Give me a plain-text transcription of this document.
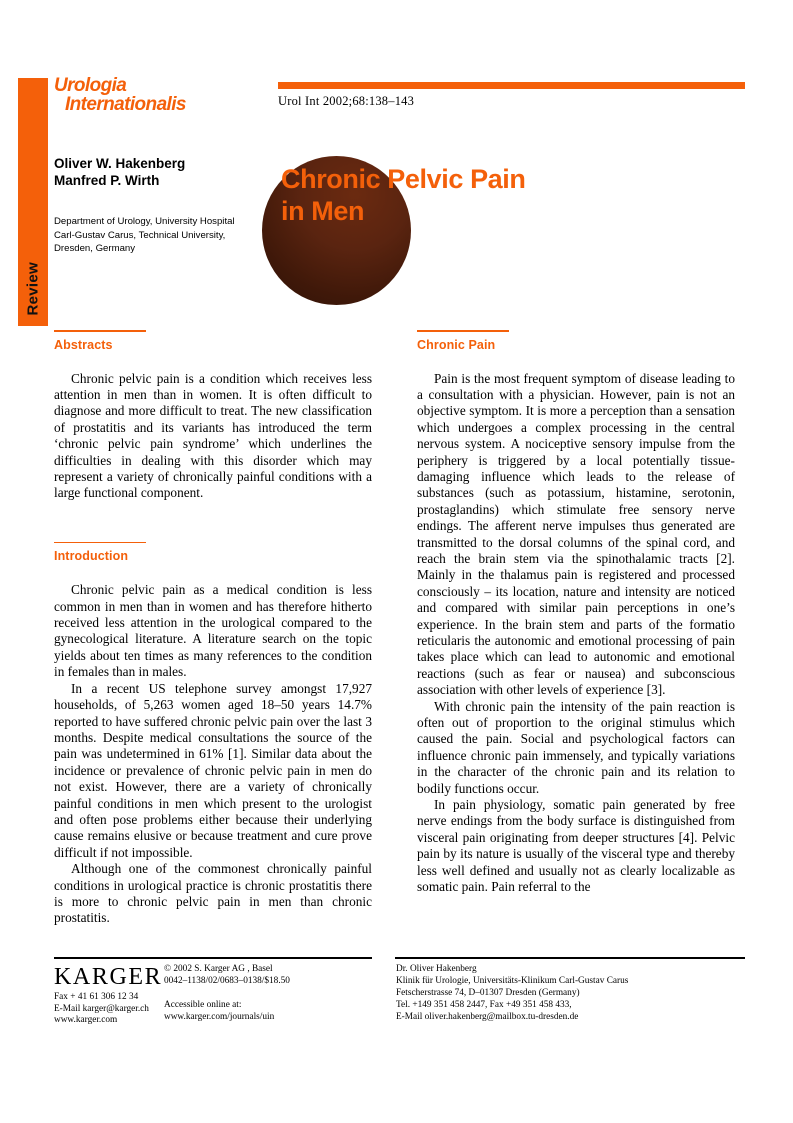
Review
Urologia
Internationalis	Urol Int 2002;68:138–143
Oliver W. Hakenberg
Manfred P. Wirth
Department of Urology, University Hospital
Carl-Gustav Carus, Technical University,
Dresden, Germany
Chronic Pelvic Pain
in Men
Abstracts

Chronic pelvic pain is a condition which receives less attention in men than in women. It is often difficult to diagnose and more difficult to treat. The new classification of prostatitis and its variants has introduced the term ‘chronic pelvic pain syndrome’ which underlines the difficulties in dealing with this disorder which may represent a variety of chronically painful conditions with a large functional component.

Introduction

Chronic pelvic pain as a medical condition is less common in men than in women and has therefore hitherto received less attention in the urological compared to the gynecological literature. A literature search on the topic yields about ten times as many references to the condition in females than in males.

In a recent US telephone survey amongst 17,927 households, of 5,263 women aged 18–50 years 14.7% reported to have suffered chronic pelvic pain over the last 3 months. Despite medical consultations the source of the pain was undetermined in 61% [1]. Similar data about the incidence or prevalence of chronic pelvic pain in men do not exist. However, there are a variety of chronically painful conditions in men which present to the urologist and often pose problems either because their underlying cause remains elusive or because treatment and cure prove difficult if not impossible.

Although one of the commonest chronically painful conditions in urological practice is chronic prostatitis there is more to chronic pelvic pain in men than chronic prostatitis.

Chronic Pain

Pain is the most frequent symptom of disease leading to a consultation with a physician. However, pain is not an objective symptom. It is more a perception than a sensation which undergoes a complex processing in the central nervous system. A nociceptive sensory impulse from the periphery is triggered by a local potentially tissue-damaging influence which leads to the release of substances (such as potassium, histamine, serotonin, prostaglandins) which stimulate free sensory nerve endings. The afferent nerve impulses thus generated are transmitted to the dorsal columns of the spinal cord, and reach the brain stem via the spinothalamic tracts [2]. Mainly in the thalamus pain is registered and processed consciously – its location, nature and intensity are noticed and compared with similar pain perceptions in one’s experience. In the brain stem and parts of the formatio reticularis the autonomic and emotional processing of pain takes place which can lead to autonomic and emotional reactions (such as fear or nausea) and subconscious association with other levels of experience [3].

With chronic pain the intensity of the pain reaction is often out of proportion to the original stimulus which caused the pain. Social and psychological factors can influence chronic pain immensely, and typically variations in the character of the chronic pain and its relation to bodily functions occur.

In pain physiology, somatic pain generated by free nerve endings from the body surface is distinguished from visceral pain originating from deeper structures [4]. Pelvic pain by its nature is usually of the visceral type and thereby less well defined and usually not as clearly localizable as somatic pain. Pain referral to the

KARGER
Fax + 41 61 306 12 34
E-Mail karger@karger.ch
www.karger.com
© 2002 S. Karger AG , Basel
0042–1138/02/0683–0138/$18.50
Accessible online at:
www.karger.com/journals/uin
Dr. Oliver Hakenberg
Klinik für Urologie, Universitäts-Klinikum Carl-Gustav Carus
Fetscherstrasse 74, D–01307 Dresden (Germany)
Tel. +149 351 458 2447, Fax +49 351 458 433,
E-Mail oliver.hakenberg@mailbox.tu-dresden.de
